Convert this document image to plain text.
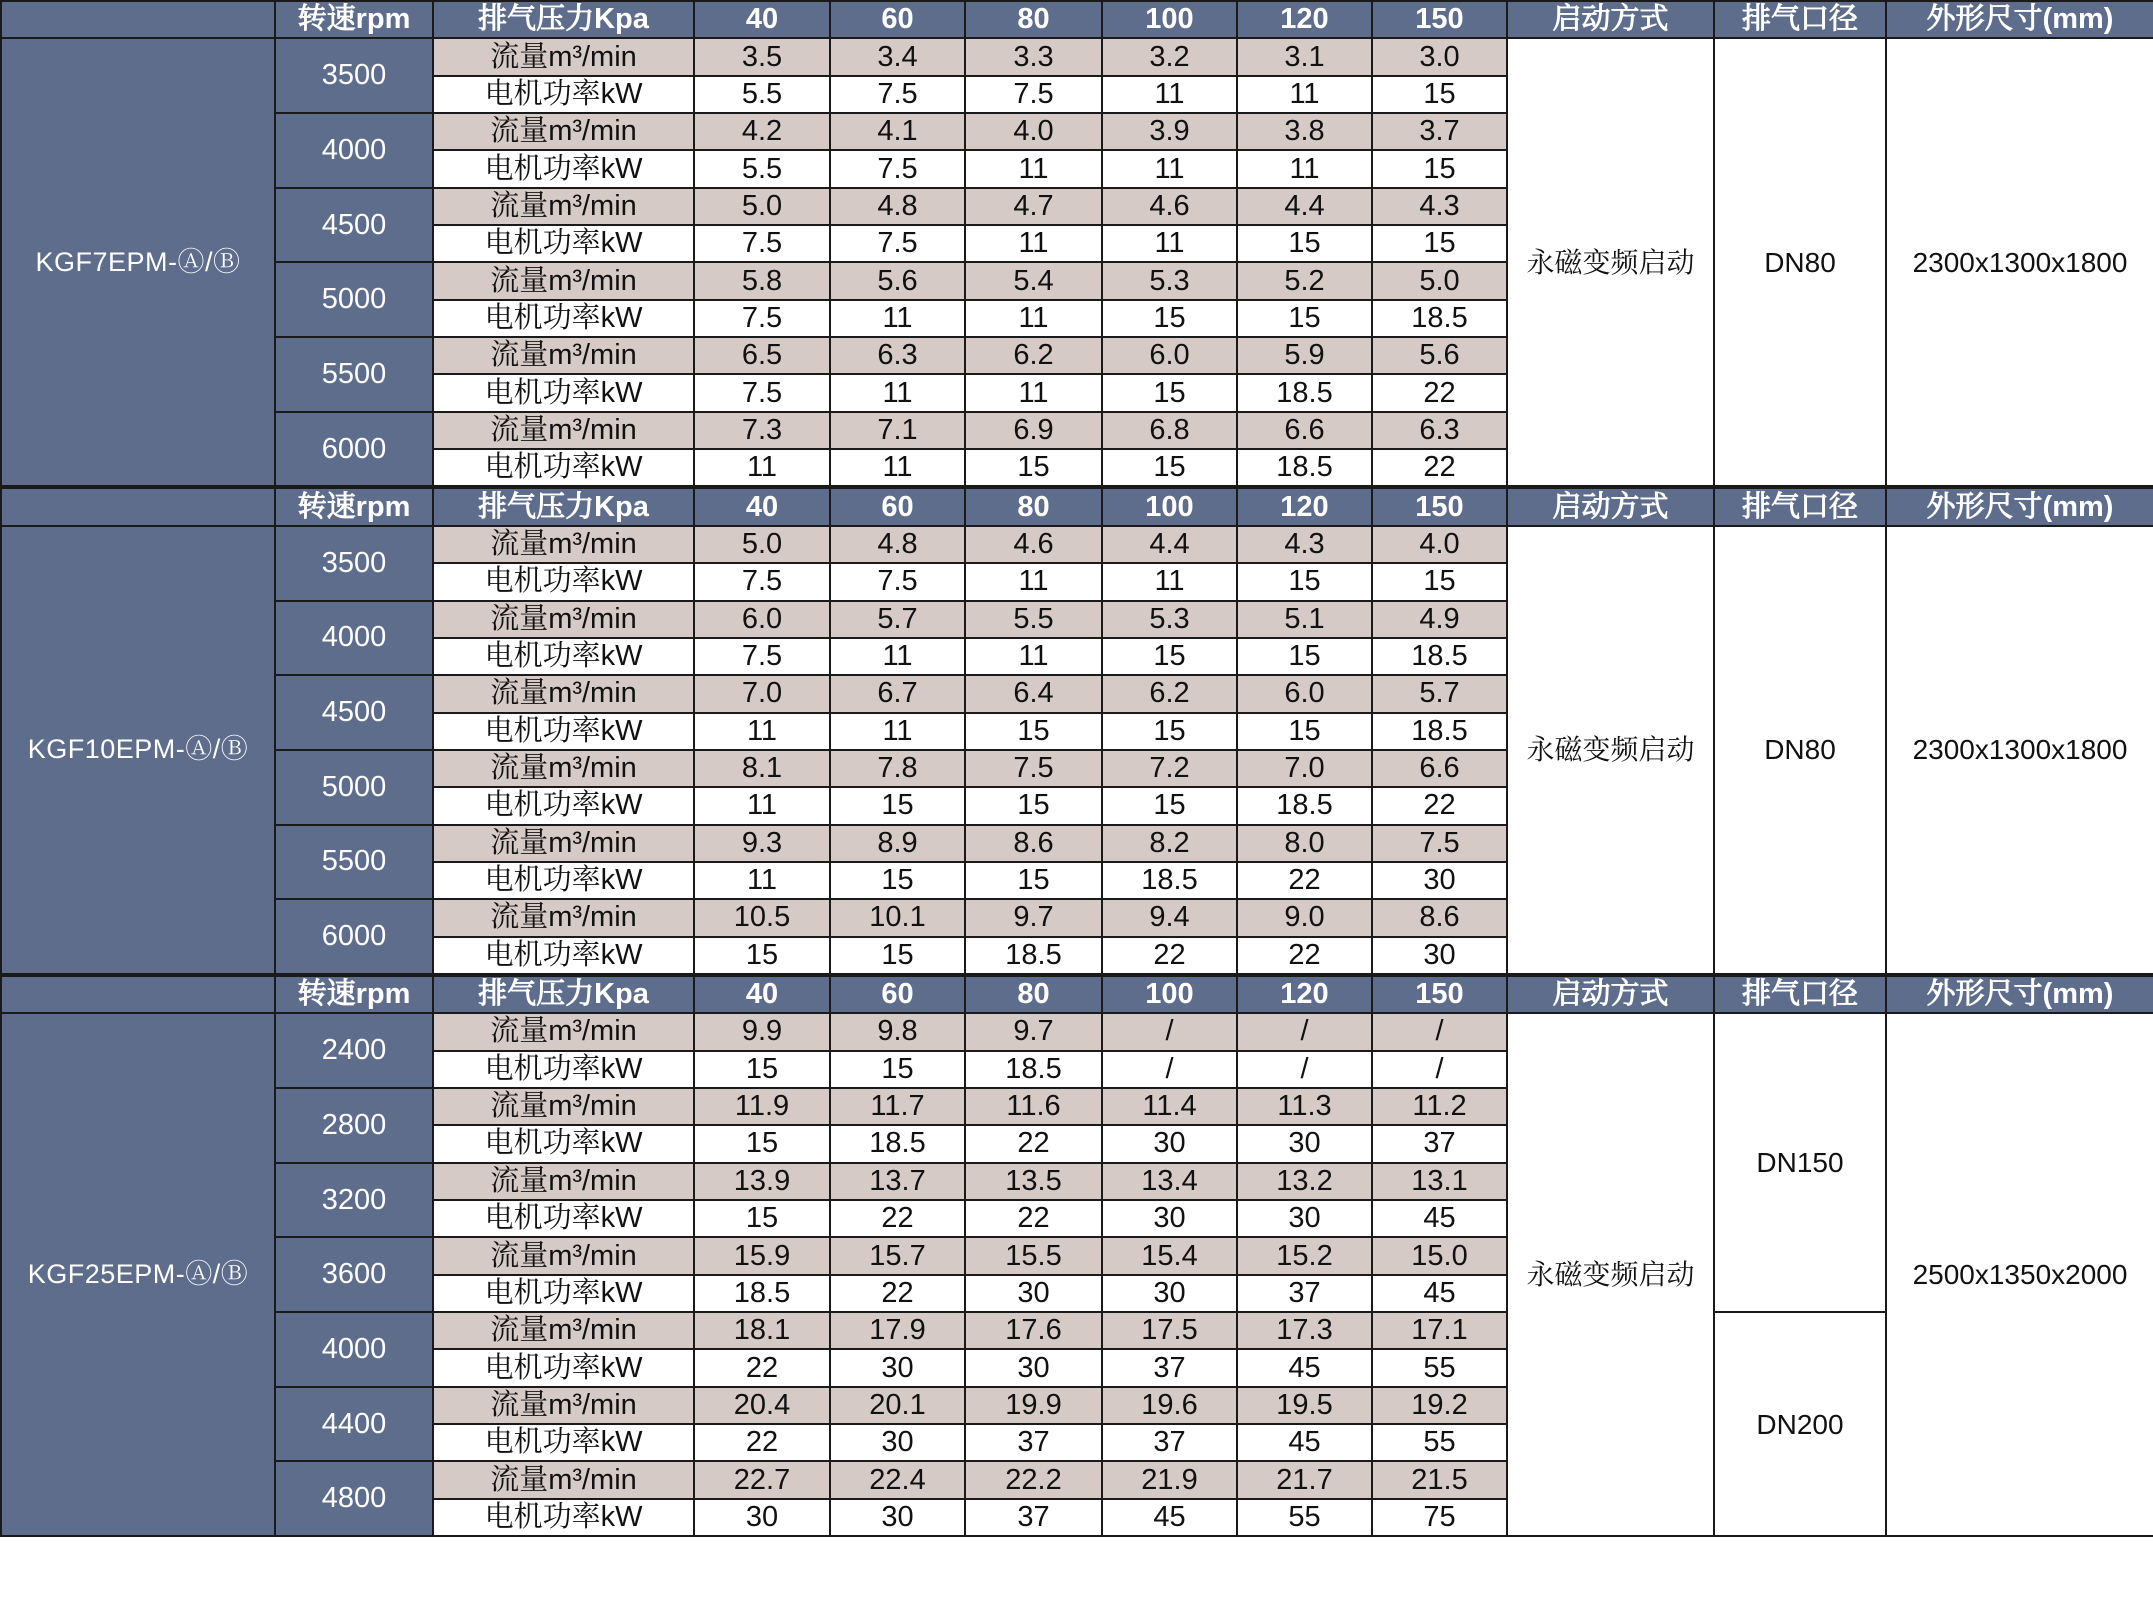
	转速rpm	排气压力Kpa	40	60	80	100	120	150	启动方式	排气口径	外形尺寸(mm)
KGF7EPM-Ⓐ/Ⓑ	3500	流量m³/min	3.5	3.4	3.3	3.2	3.1	3.0	永磁变频启动	DN80	2300x1300x1800
		电机功率kW	5.5	7.5	7.5	11	11	15			
	4000	流量m³/min	4.2	4.1	4.0	3.9	3.8	3.7			
		电机功率kW	5.5	7.5	11	11	11	15			
	4500	流量m³/min	5.0	4.8	4.7	4.6	4.4	4.3			
		电机功率kW	7.5	7.5	11	11	15	15			
	5000	流量m³/min	5.8	5.6	5.4	5.3	5.2	5.0			
		电机功率kW	7.5	11	11	15	15	18.5			
	5500	流量m³/min	6.5	6.3	6.2	6.0	5.9	5.6			
		电机功率kW	7.5	11	11	15	18.5	22			
	6000	流量m³/min	7.3	7.1	6.9	6.8	6.6	6.3			
		电机功率kW	11	11	15	15	18.5	22			
	转速rpm	排气压力Kpa	40	60	80	100	120	150	启动方式	排气口径	外形尺寸(mm)
KGF10EPM-Ⓐ/Ⓑ	3500	流量m³/min	5.0	4.8	4.6	4.4	4.3	4.0	永磁变频启动	DN80	2300x1300x1800
		电机功率kW	7.5	7.5	11	11	15	15			
	4000	流量m³/min	6.0	5.7	5.5	5.3	5.1	4.9			
		电机功率kW	7.5	11	11	15	15	18.5			
	4500	流量m³/min	7.0	6.7	6.4	6.2	6.0	5.7			
		电机功率kW	11	11	15	15	15	18.5			
	5000	流量m³/min	8.1	7.8	7.5	7.2	7.0	6.6			
		电机功率kW	11	15	15	15	18.5	22			
	5500	流量m³/min	9.3	8.9	8.6	8.2	8.0	7.5			
		电机功率kW	11	15	15	18.5	22	30			
	6000	流量m³/min	10.5	10.1	9.7	9.4	9.0	8.6			
		电机功率kW	15	15	18.5	22	22	30			
	转速rpm	排气压力Kpa	40	60	80	100	120	150	启动方式	排气口径	外形尺寸(mm)
KGF25EPM-Ⓐ/Ⓑ	2400	流量m³/min	9.9	9.8	9.7	/	/	/	永磁变频启动	DN150	2500x1350x2000
		电机功率kW	15	15	18.5	/	/	/			
	2800	流量m³/min	11.9	11.7	11.6	11.4	11.3	11.2			
		电机功率kW	15	18.5	22	30	30	37			
	3200	流量m³/min	13.9	13.7	13.5	13.4	13.2	13.1			
		电机功率kW	15	22	22	30	30	45			
	3600	流量m³/min	15.9	15.7	15.5	15.4	15.2	15.0			
		电机功率kW	18.5	22	30	30	37	45			
	4000	流量m³/min	18.1	17.9	17.6	17.5	17.3	17.1		DN200	
		电机功率kW	22	30	30	37	45	55			
	4400	流量m³/min	20.4	20.1	19.9	19.6	19.5	19.2			
		电机功率kW	22	30	37	37	45	55			
	4800	流量m³/min	22.7	22.4	22.2	21.9	21.7	21.5			
		电机功率kW	30	30	37	45	55	75			
